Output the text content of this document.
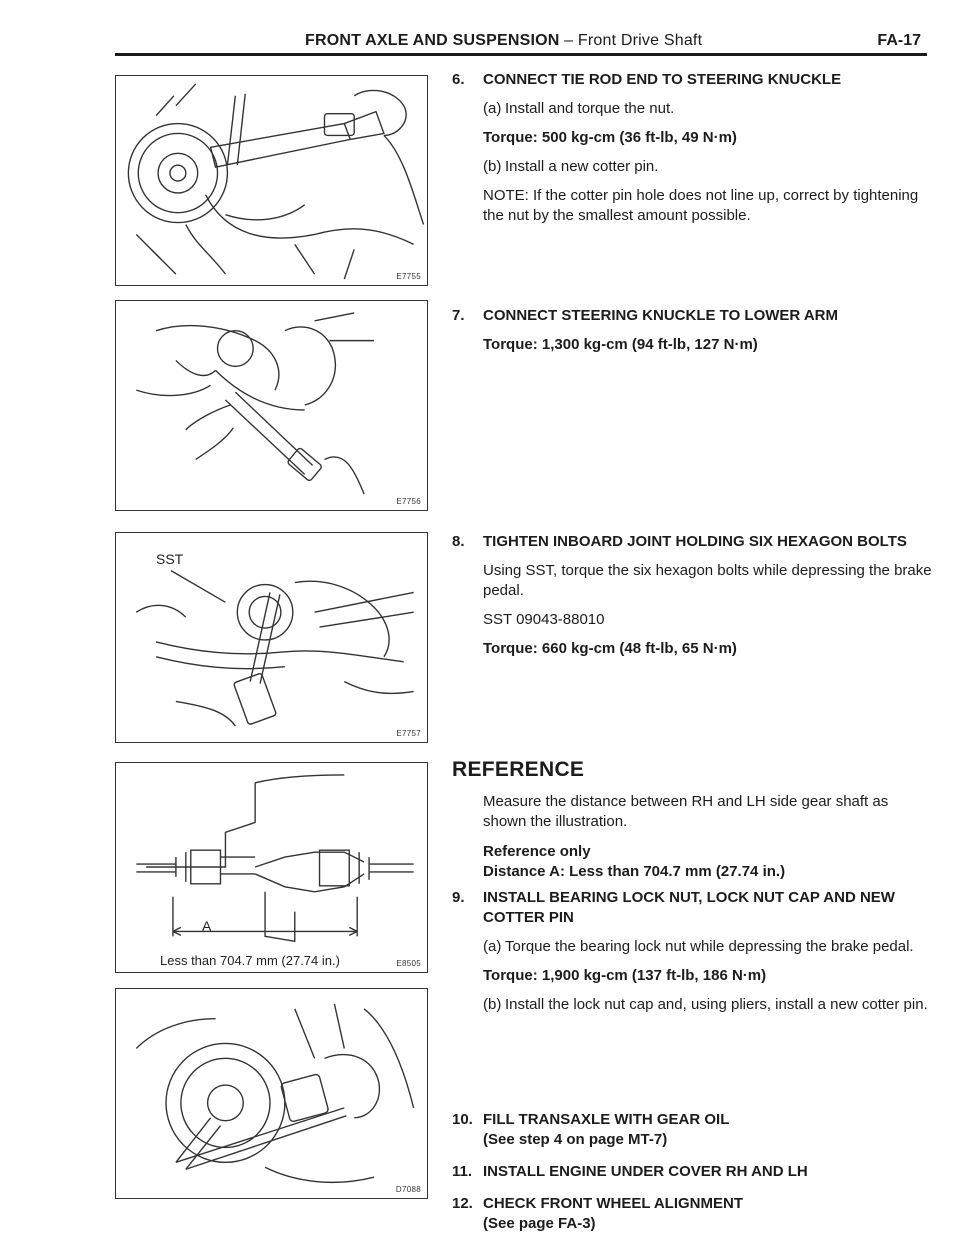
FRONT AXLE AND SUSPENSION – Front Drive Shaft	FA-17
E7755
E7756
SST
E7757
A
Less than 704.7 mm (27.74 in.)	E8505
D7088
6. CONNECT TIE ROD END TO STEERING KNUCKLE
(a) Install and torque the nut.
Torque: 500 kg-cm (36 ft-lb, 49 N·m)
(b) Install a new cotter pin.
NOTE: If the cotter pin hole does not line up, correct by tightening the nut by the smallest amount possible.
7. CONNECT STEERING KNUCKLE TO LOWER ARM
Torque: 1,300 kg-cm (94 ft-lb, 127 N·m)
8. TIGHTEN INBOARD JOINT HOLDING SIX HEXAGON BOLTS
Using SST, torque the six hexagon bolts while depressing the brake pedal.
SST 09043-88010
Torque: 660 kg-cm (48 ft-lb, 65 N·m)
REFERENCE
Measure the distance between RH and LH side gear shaft as shown the illustration.
Reference only
Distance A: Less than 704.7 mm (27.74 in.)
9. INSTALL BEARING LOCK NUT, LOCK NUT CAP AND NEW COTTER PIN
(a) Torque the bearing lock nut while depressing the brake pedal.
Torque: 1,900 kg-cm (137 ft-lb, 186 N·m)
(b) Install the lock nut cap and, using pliers, install a new cotter pin.
10. FILL TRANSAXLE WITH GEAR OIL
(See step 4 on page MT-7)
11. INSTALL ENGINE UNDER COVER RH AND LH
12. CHECK FRONT WHEEL ALIGNMENT
(See page FA-3)
